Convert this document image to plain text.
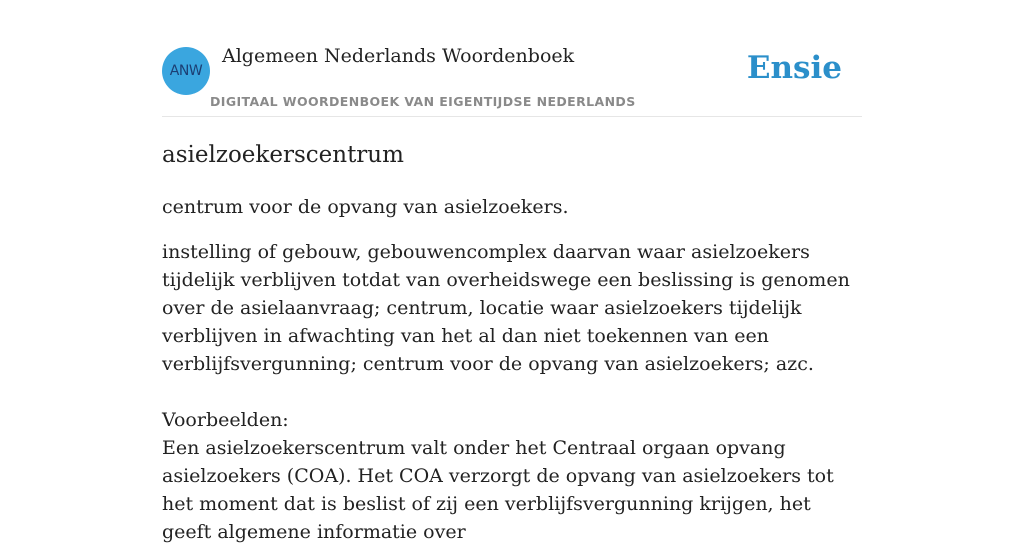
ANW
Algemeen Nederlands Woordenboek
DIGITAAL WOORDENBOEK VAN EIGENTIJDSE NEDERLANDS
Ensie
asielzoekerscentrum

centrum voor de opvang van asielzoekers.

instelling of gebouw, gebouwencomplex daarvan waar asielzoekers tijdelijk verblijven totdat van overheidswege een beslissing is genomen over de asielaanvraag; centrum, locatie waar asielzoekers tijdelijk verblijven in afwachting van het al dan niet toekennen van een verblijfsvergunning; centrum voor de opvang van asielzoekers; azc.

Voorbeelden:

Een asielzoekerscentrum valt onder het Centraal orgaan opvang asielzoekers (COA). Het COA verzorgt de opvang van asielzoekers tot het moment dat is beslist of zij een verblijfsvergunning krijgen, het geeft algemene informatie over
